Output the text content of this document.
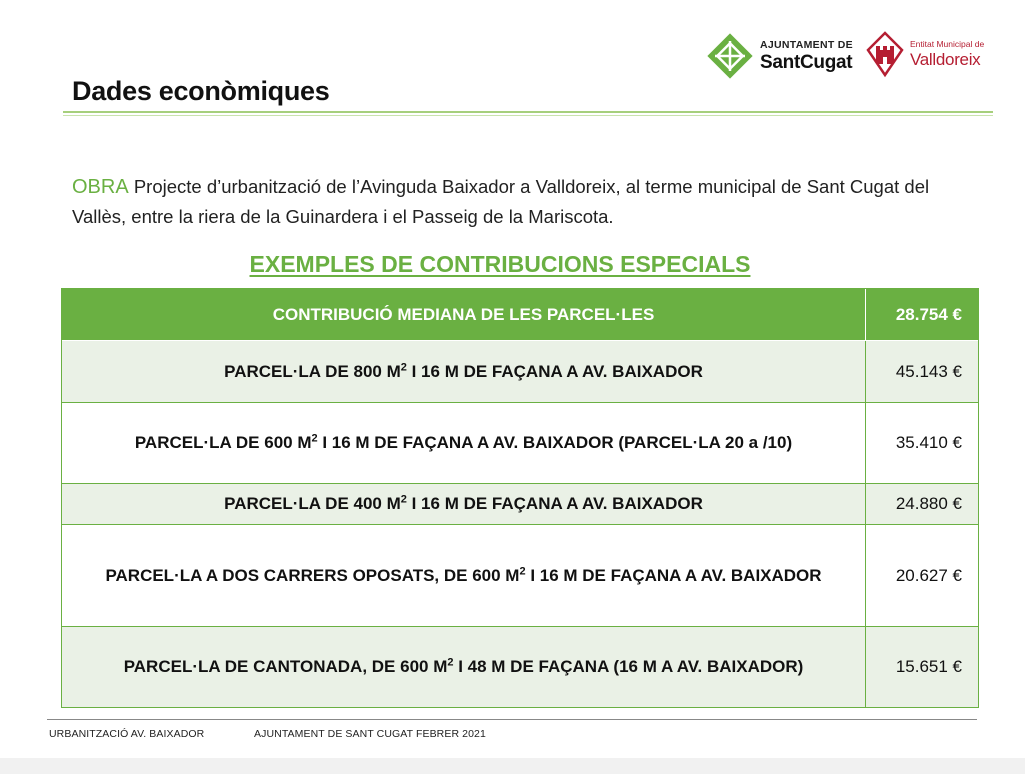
AJUNTAMENT DE
SantCugat
Entitat Municipal de
Valldoreix
Dades econòmiques
OBRA Projecte d’urbanització de l’Avinguda Baixador a Valldoreix, al terme municipal de Sant Cugat del Vallès, entre la riera de la Guinardera i el Passeig de la Mariscota.
EXEMPLES DE CONTRIBUCIONS ESPECIALS
CONTRIBUCIÓ MEDIANA DE LES PARCEL·LES	28.754 €
PARCEL·LA DE 800 $M^2$ I 16 M DE FAÇANA A AV. BAIXADOR	45.143 €
PARCEL·LA DE 600 $M^2$ I 16 M DE FAÇANA A AV. BAIXADOR (PARCEL·LA 20 a /10)	35.410 €
PARCEL·LA DE 400 $M^2$ I 16 M DE FAÇANA A AV. BAIXADOR	24.880 €
PARCEL·LA A DOS CARRERS OPOSATS, DE 600 $M^2$ I 16 M DE FAÇANA A AV. BAIXADOR	20.627 €
PARCEL·LA DE CANTONADA, DE 600 $M^2$ I 48 M DE FAÇANA (16 M A AV. BAIXADOR)	15.651 €
URBANITZACIÓ AV. BAIXADOR	AJUNTAMENT DE SANT CUGAT FEBRER 2021
